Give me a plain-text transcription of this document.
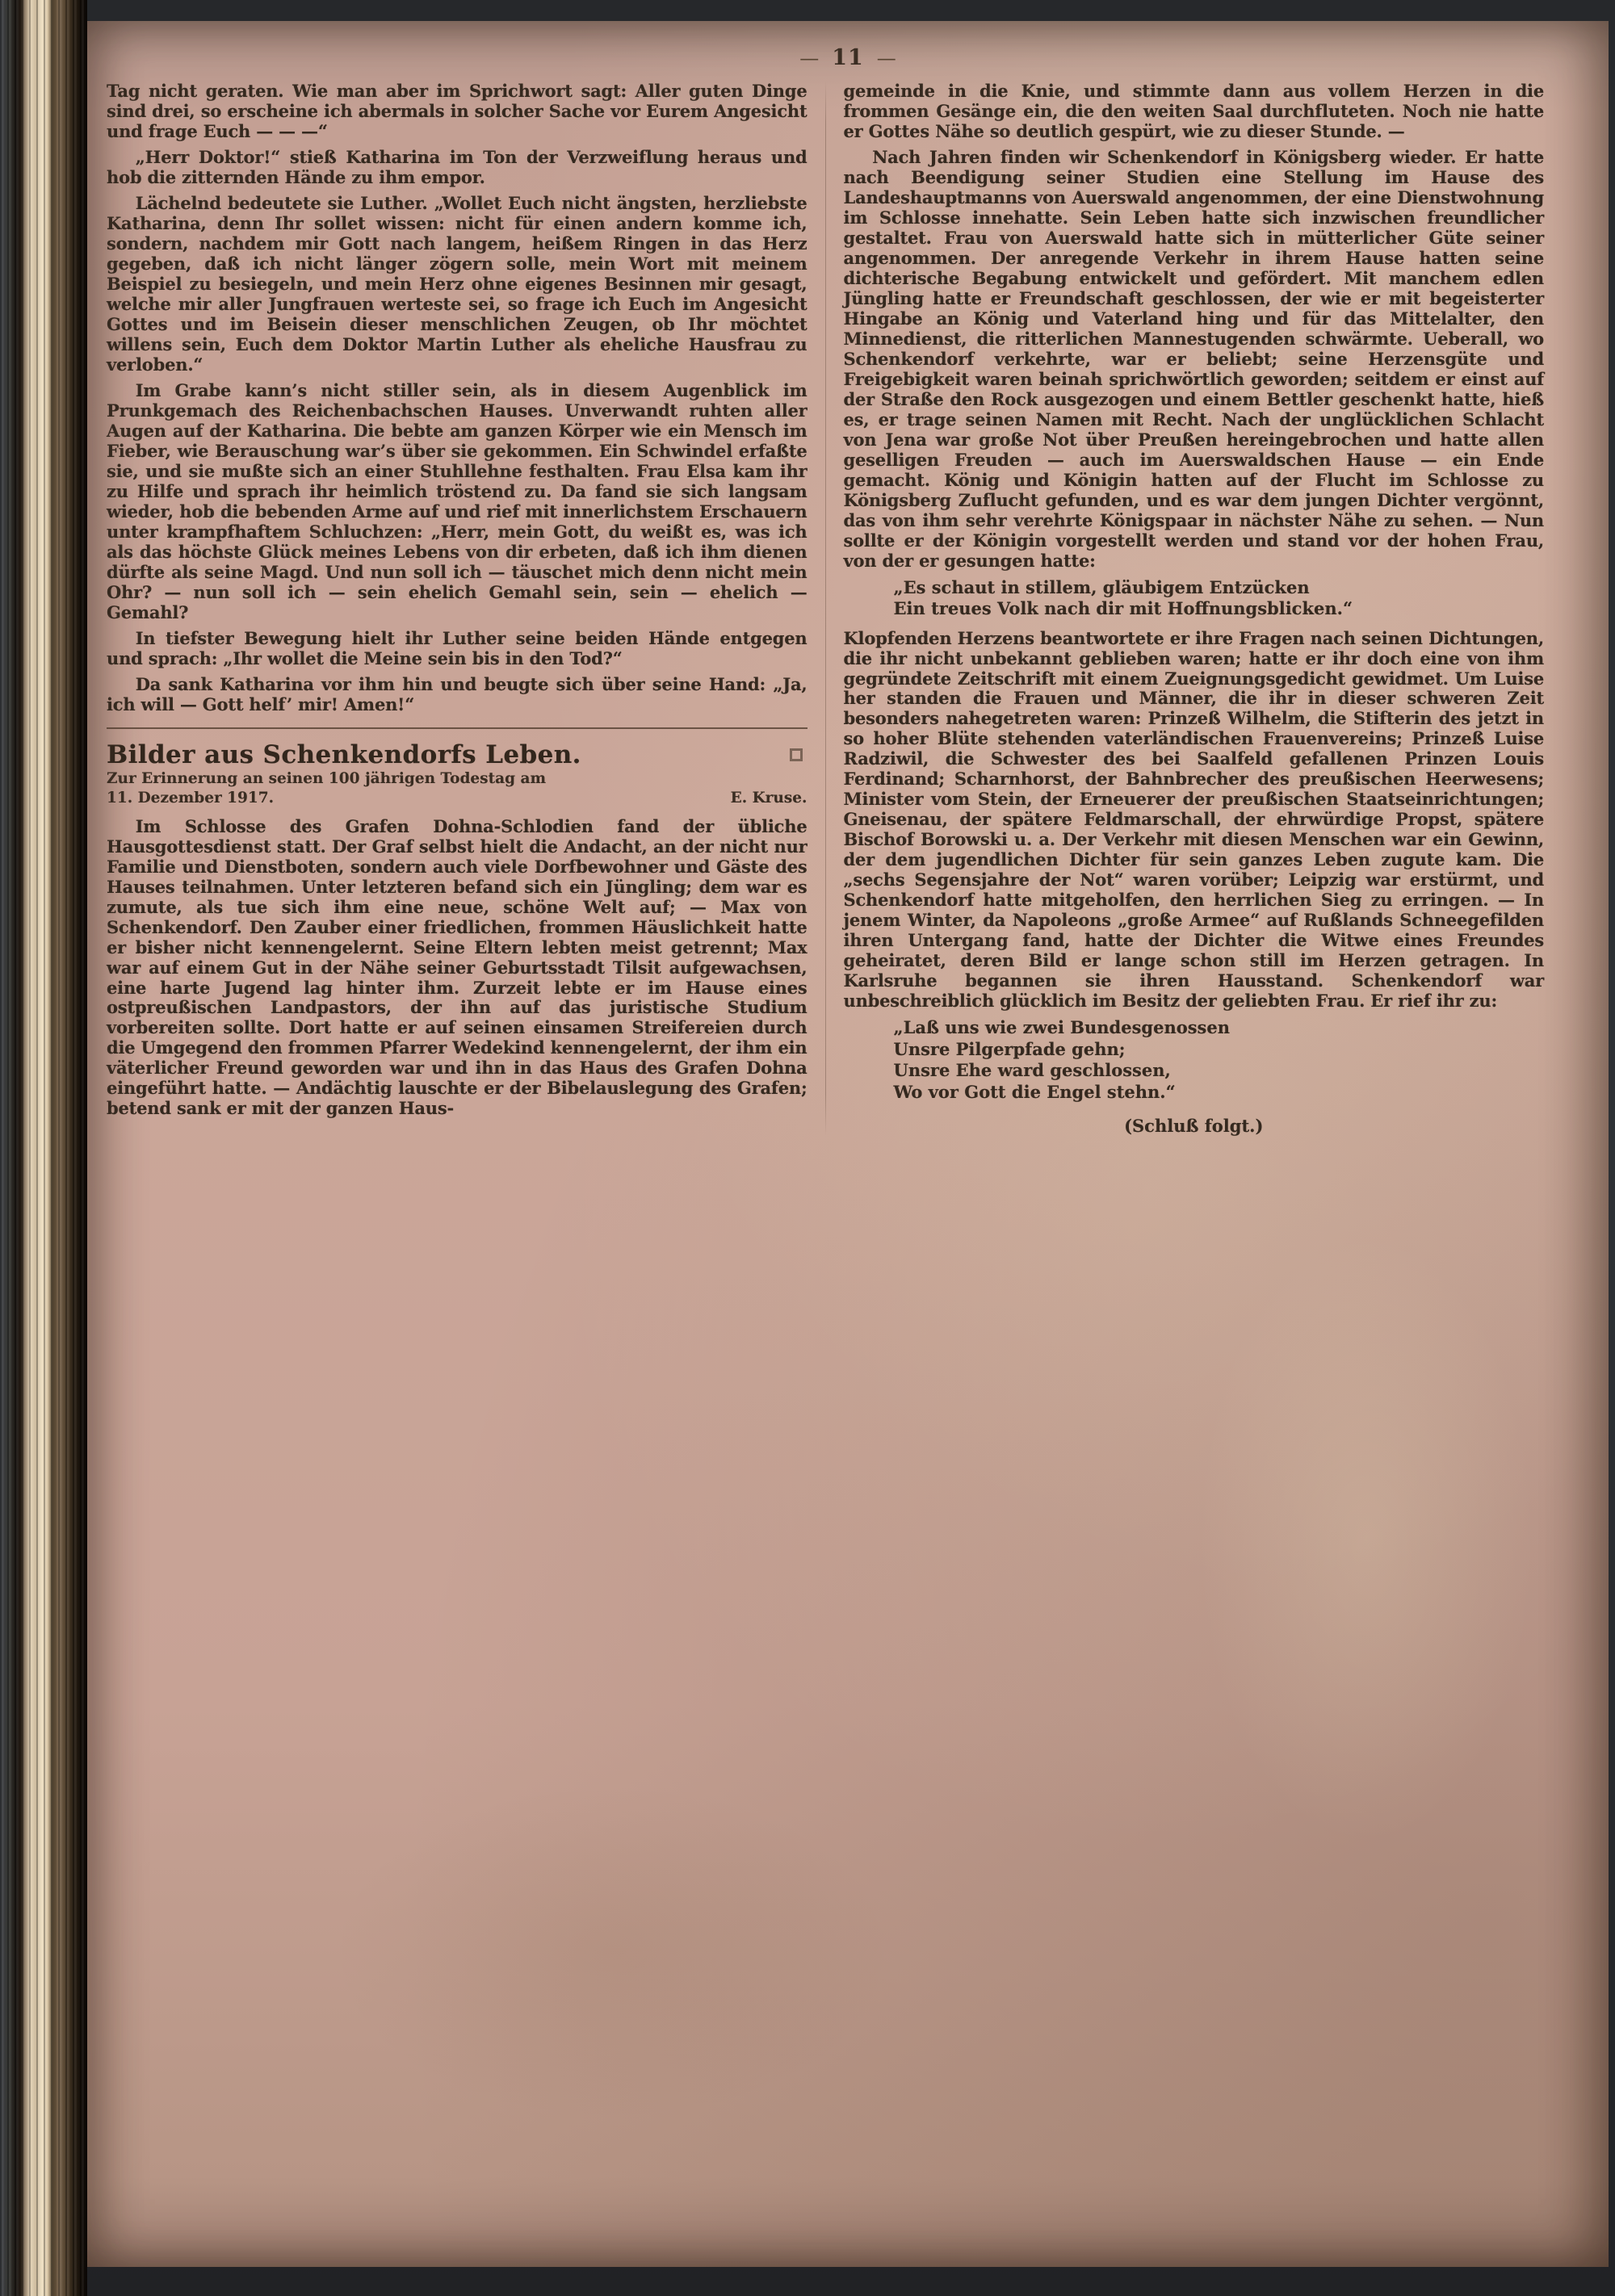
— 11 —

Tag nicht geraten. Wie man aber im Sprichwort sagt: Aller guten Dinge sind drei, so erscheine ich abermals in solcher Sache vor Eurem Angesicht und frage Euch — — —“

„Herr Doktor!“ stieß Katharina im Ton der Verzweiflung heraus und hob die zitternden Hände zu ihm empor.

Lächelnd bedeutete sie Luther. „Wollet Euch nicht ängsten, herzliebste Katharina, denn Ihr sollet wissen: nicht für einen andern komme ich, sondern, nachdem mir Gott nach langem, heißem Ringen in das Herz gegeben, daß ich nicht länger zögern solle, mein Wort mit meinem Beispiel zu besiegeln, und mein Herz ohne eigenes Besinnen mir gesagt, welche mir aller Jungfrauen werteste sei, so frage ich Euch im Angesicht Gottes und im Beisein dieser menschlichen Zeugen, ob Ihr möchtet willens sein, Euch dem Doktor Martin Luther als eheliche Hausfrau zu verloben.“

Im Grabe kann’s nicht stiller sein, als in diesem Augenblick im Prunkgemach des Reichenbachschen Hauses. Unverwandt ruhten aller Augen auf der Katharina. Die bebte am ganzen Körper wie ein Mensch im Fieber, wie Berauschung war’s über sie gekommen. Ein Schwindel erfaßte sie, und sie mußte sich an einer Stuhllehne festhalten. Frau Elsa kam ihr zu Hilfe und sprach ihr heimlich tröstend zu. Da fand sie sich langsam wieder, hob die bebenden Arme auf und rief mit innerlichstem Erschauern unter krampfhaftem Schluchzen: „Herr, mein Gott, du weißt es, was ich als das höchste Glück meines Lebens von dir erbeten, daß ich ihm dienen dürfte als seine Magd. Und nun soll ich — täuschet mich denn nicht mein Ohr? — nun soll ich — sein ehelich Gemahl sein, sein — ehelich — Gemahl?

In tiefster Bewegung hielt ihr Luther seine beiden Hände entgegen und sprach: „Ihr wollet die Meine sein bis in den Tod?“

Da sank Katharina vor ihm hin und beugte sich über seine Hand: „Ja, ich will — Gott helf’ mir! Amen!“

Bilder aus Schenkendorfs Leben.
Zur Erinnerung an seinen 100 jährigen Todestag am
11. Dezember 1917.	E. Kruse.

Im Schlosse des Grafen Dohna-Schlodien fand der übliche Hausgottesdienst statt. Der Graf selbst hielt die Andacht, an der nicht nur Familie und Dienstboten, sondern auch viele Dorfbewohner und Gäste des Hauses teilnahmen. Unter letzteren befand sich ein Jüngling; dem war es zumute, als tue sich ihm eine neue, schöne Welt auf; — Max von Schenkendorf. Den Zauber einer friedlichen, frommen Häuslichkeit hatte er bisher nicht kennengelernt. Seine Eltern lebten meist getrennt; Max war auf einem Gut in der Nähe seiner Geburtsstadt Tilsit aufgewachsen, eine harte Jugend lag hinter ihm. Zurzeit lebte er im Hause eines ostpreußischen Landpastors, der ihn auf das juristische Studium vorbereiten sollte. Dort hatte er auf seinen einsamen Streifereien durch die Umgegend den frommen Pfarrer Wedekind kennengelernt, der ihm ein väterlicher Freund geworden war und ihn in das Haus des Grafen Dohna eingeführt hatte. — Andächtig lauschte er der Bibelauslegung des Grafen; betend sank er mit der ganzen Haus-

gemeinde in die Knie, und stimmte dann aus vollem Herzen in die frommen Gesänge ein, die den weiten Saal durchfluteten. Noch nie hatte er Gottes Nähe so deutlich gespürt, wie zu dieser Stunde. —

Nach Jahren finden wir Schenkendorf in Königsberg wieder. Er hatte nach Beendigung seiner Studien eine Stellung im Hause des Landeshauptmanns von Auerswald angenommen, der eine Dienstwohnung im Schlosse innehatte. Sein Leben hatte sich inzwischen freundlicher gestaltet. Frau von Auerswald hatte sich in mütterlicher Güte seiner angenommen. Der anregende Verkehr in ihrem Hause hatten seine dichterische Begabung entwickelt und gefördert. Mit manchem edlen Jüngling hatte er Freundschaft geschlossen, der wie er mit begeisterter Hingabe an König und Vaterland hing und für das Mittelalter, den Minnedienst, die ritterlichen Mannestugenden schwärmte. Ueberall, wo Schenkendorf verkehrte, war er beliebt; seine Herzensgüte und Freigebigkeit waren beinah sprichwörtlich geworden; seitdem er einst auf der Straße den Rock ausgezogen und einem Bettler geschenkt hatte, hieß es, er trage seinen Namen mit Recht. Nach der unglücklichen Schlacht von Jena war große Not über Preußen hereingebrochen und hatte allen geselligen Freuden — auch im Auerswaldschen Hause — ein Ende gemacht. König und Königin hatten auf der Flucht im Schlosse zu Königsberg Zuflucht gefunden, und es war dem jungen Dichter vergönnt, das von ihm sehr verehrte Königspaar in nächster Nähe zu sehen. — Nun sollte er der Königin vorgestellt werden und stand vor der hohen Frau, von der er gesungen hatte:

„Es schaut in stillem, gläubigem Entzücken
Ein treues Volk nach dir mit Hoffnungsblicken.“

Klopfenden Herzens beantwortete er ihre Fragen nach seinen Dichtungen, die ihr nicht unbekannt geblieben waren; hatte er ihr doch eine von ihm gegründete Zeitschrift mit einem Zueignungsgedicht gewidmet. Um Luise her standen die Frauen und Männer, die ihr in dieser schweren Zeit besonders nahegetreten waren: Prinzeß Wilhelm, die Stifterin des jetzt in so hoher Blüte stehenden vaterländischen Frauenvereins; Prinzeß Luise Radziwil, die Schwester des bei Saalfeld gefallenen Prinzen Louis Ferdinand; Scharnhorst, der Bahnbrecher des preußischen Heerwesens; Minister vom Stein, der Erneuerer der preußischen Staatseinrichtungen; Gneisenau, der spätere Feldmarschall, der ehrwürdige Propst, spätere Bischof Borowski u. a. Der Verkehr mit diesen Menschen war ein Gewinn, der dem jugendlichen Dichter für sein ganzes Leben zugute kam. Die „sechs Segensjahre der Not“ waren vorüber; Leipzig war erstürmt, und Schenkendorf hatte mitgeholfen, den herrlichen Sieg zu erringen. — In jenem Winter, da Napoleons „große Armee“ auf Rußlands Schneegefilden ihren Untergang fand, hatte der Dichter die Witwe eines Freundes geheiratet, deren Bild er lange schon still im Herzen getragen. In Karlsruhe begannen sie ihren Hausstand. Schenkendorf war unbeschreiblich glücklich im Besitz der geliebten Frau. Er rief ihr zu:

„Laß uns wie zwei Bundesgenossen
Unsre Pilgerpfade gehn;
Unsre Ehe ward geschlossen,
Wo vor Gott die Engel stehn.“
(Schluß folgt.)
